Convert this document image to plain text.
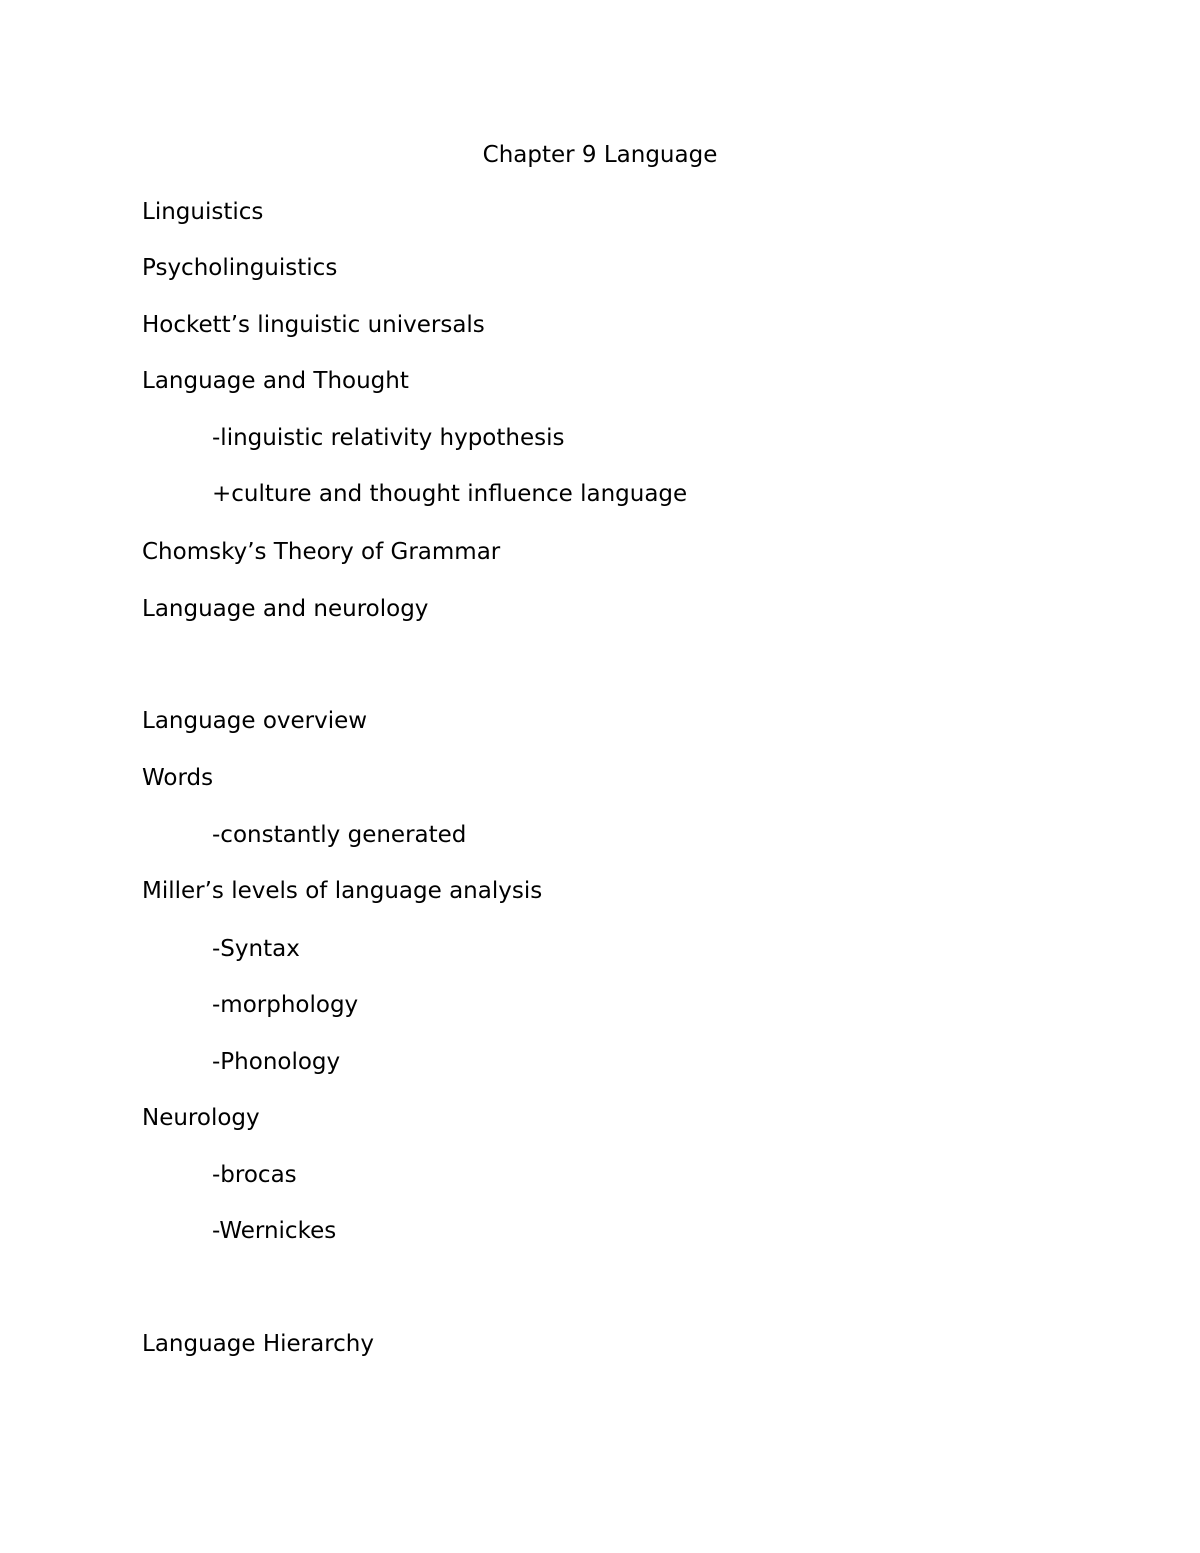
Chapter 9 Language
Linguistics
Psycholinguistics
Hockett’s linguistic universals
Language and Thought
-linguistic relativity hypothesis
+culture and thought influence language
Chomsky’s Theory of Grammar
Language and neurology
Language overview
Words
-constantly generated
Miller’s levels of language analysis
-Syntax
-morphology
-Phonology
Neurology
-brocas
-Wernickes
Language Hierarchy
